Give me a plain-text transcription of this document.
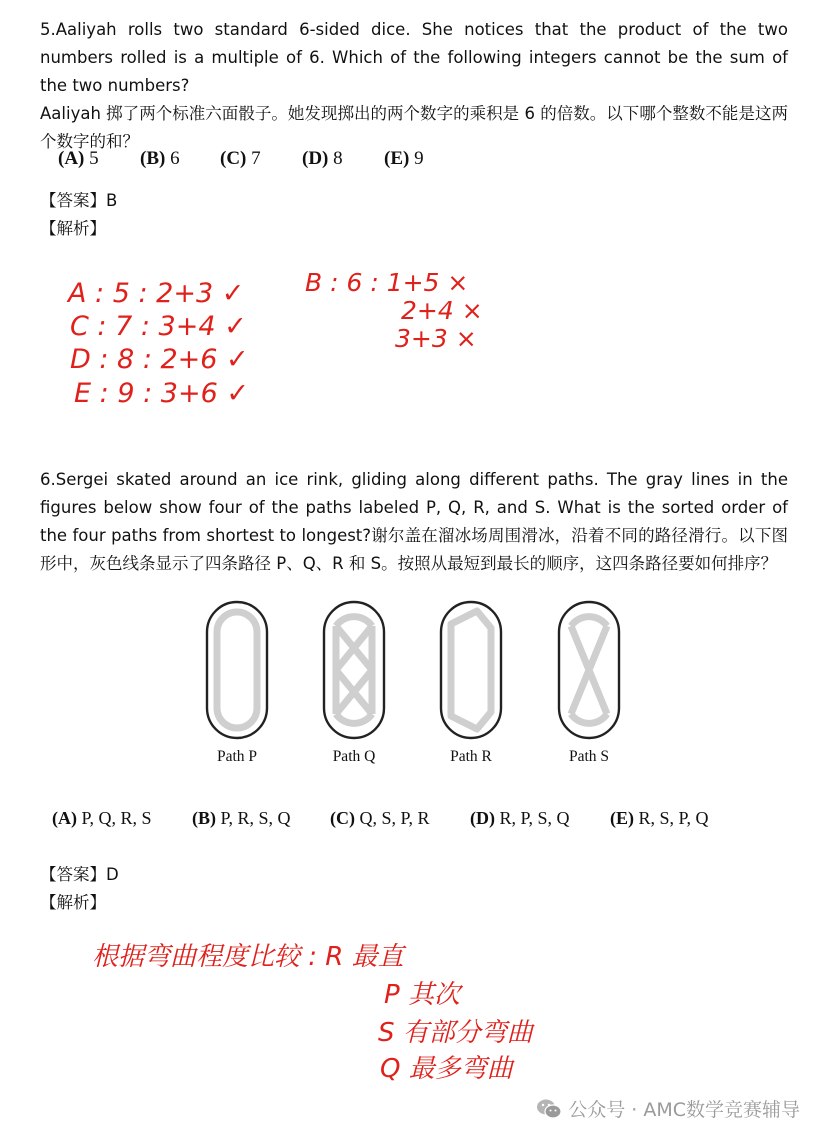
5.Aaliyah rolls two standard 6-sided dice. She notices that the product of the two numbers rolled is a multiple of 6. Which of the following integers cannot be the sum of the two numbers?

Aaliyah 掷了两个标准六面骰子。她发现掷出的两个数字的乘积是 6 的倍数。以下哪个整数不能是这两个数字的和？

(A) 5 (B) 6 (C) 7 (D) 8 (E) 9
【答案】B
【解析】
A : 5 : 2+3 ✓
C : 7 : 3+4 ✓
D : 8 : 2+6 ✓
E : 9 : 3+6 ✓
B : 6 : 1+5 ×
2+4 ×
3+3 ×

6.Sergei skated around an ice rink, gliding along different paths. The gray lines in the figures below show four of the paths labeled P, Q, R, and S. What is the sorted order of the four paths from shortest to longest?谢尔盖在溜冰场周围滑冰，沿着不同的路径滑行。以下图形中，灰色线条显示了四条路径 P、Q、R 和 S。按照从最短到最长的顺序，这四条路径要如何排序？

Path P	Path Q	Path R	Path S
(A) P, Q, R, S (B) P, R, S, Q (C) Q, S, P, R (D) R, P, S, Q (E) R, S, P, Q
【答案】D
【解析】
根据弯曲程度比较 : R 最直
P 其次
S 有部分弯曲
Q 最多弯曲
公众号 · AMC数学竞赛辅导
